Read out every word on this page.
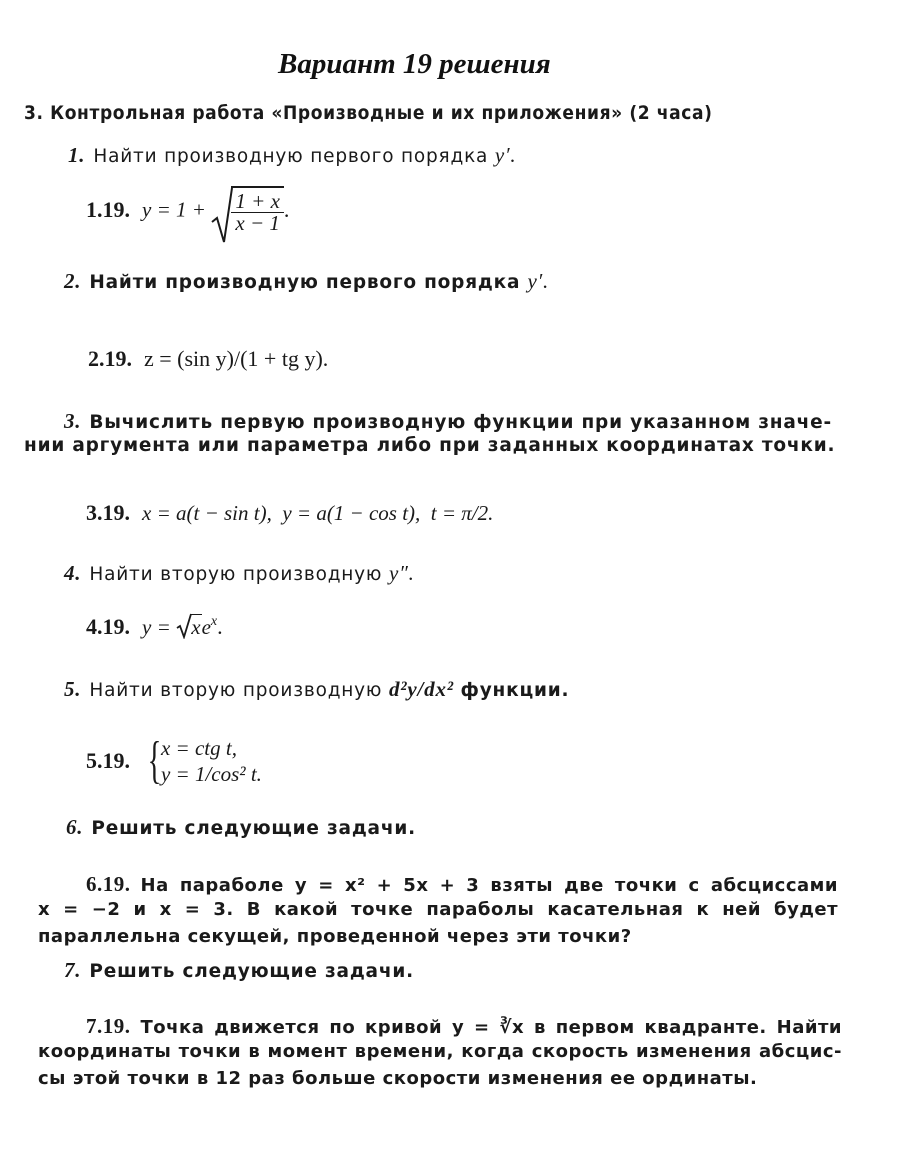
Вариант 19 решения
3. Контрольная работа «Производные и их приложения» (2 часа)
1. Найти производную первого порядка y′.
1.19. $y = 1 + \frac{1 + x}{x - 1}$ .
2. Найти производную первого порядка y′.
2.19. z = (sin y)/(1 + tg y).
3. Вычислить первую производную функции при указанном значе-
нии аргумента или параметра либо при заданных координатах точки.
3.19. x = a(t − sin t),  y = a(1 − cos t),  t = π/2.
4. Найти вторую производную y″.
4.19. $y = xe^x$.
5. Найти вторую производную d²y/dx² функции.
5.19. { x = ctg t,
y = 1/cos² t.
6. Решить следующие задачи.
6.19. На параболе y = x² + 5x + 3 взяты две точки с абсциссами
x = −2 и x = 3. В какой точке параболы касательная к ней будет
параллельна секущей, проведенной через эти точки?
7. Решить следующие задачи.
7.19. Точка движется по кривой y = ∛x в первом квадранте. Найти
координаты точки в момент времени, когда скорость изменения абсцис-
сы этой точки в 12 раз больше скорости изменения ее ординаты.
